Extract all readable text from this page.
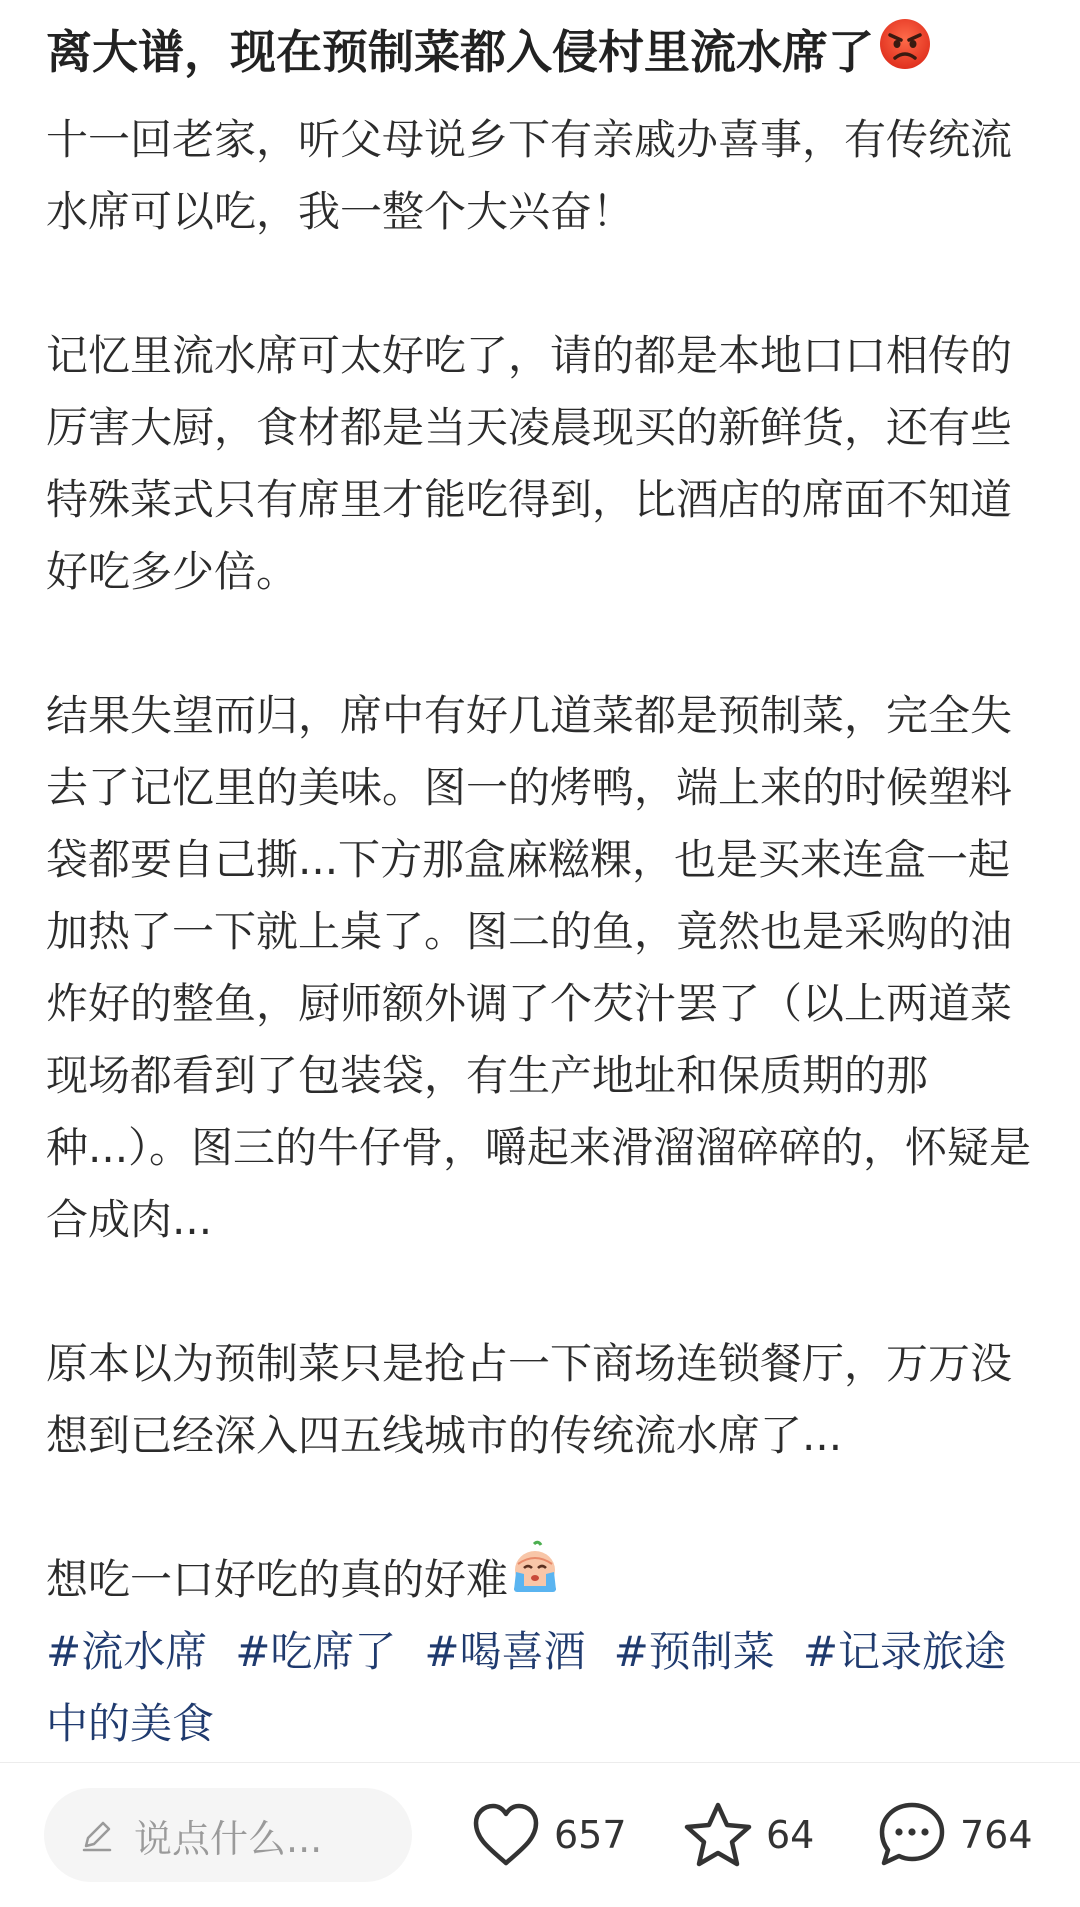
离大谱，现在预制菜都入侵村里流水席了

十一回老家，听父母说乡下有亲戚办喜事，有传统流水席可以吃，我一整个大兴奋！

记忆里流水席可太好吃了，请的都是本地口口相传的厉害大厨，食材都是当天凌晨现买的新鲜货，还有些特殊菜式只有席里才能吃得到，比酒店的席面不知道好吃多少倍。

结果失望而归，席中有好几道菜都是预制菜，完全失去了记忆里的美味。图一的烤鸭，端上来的时候塑料袋都要自己撕...下方那盒麻糍粿，也是买来连盒一起加热了一下就上桌了。图二的鱼，竟然也是采购的油炸好的整鱼，厨师额外调了个芡汁罢了（以上两道菜现场都看到了包装袋，有生产地址和保质期的那种...）。图三的牛仔骨，嚼起来滑溜溜碎碎的，怀疑是合成肉...

原本以为预制菜只是抢占一下商场连锁餐厅，万万没想到已经深入四五线城市的传统流水席了...

想吃一口好吃的真的好难

#流水席 #吃席了 #喝喜酒 #预制菜 #记录旅途中的美食

说点什么...	657	64	764
